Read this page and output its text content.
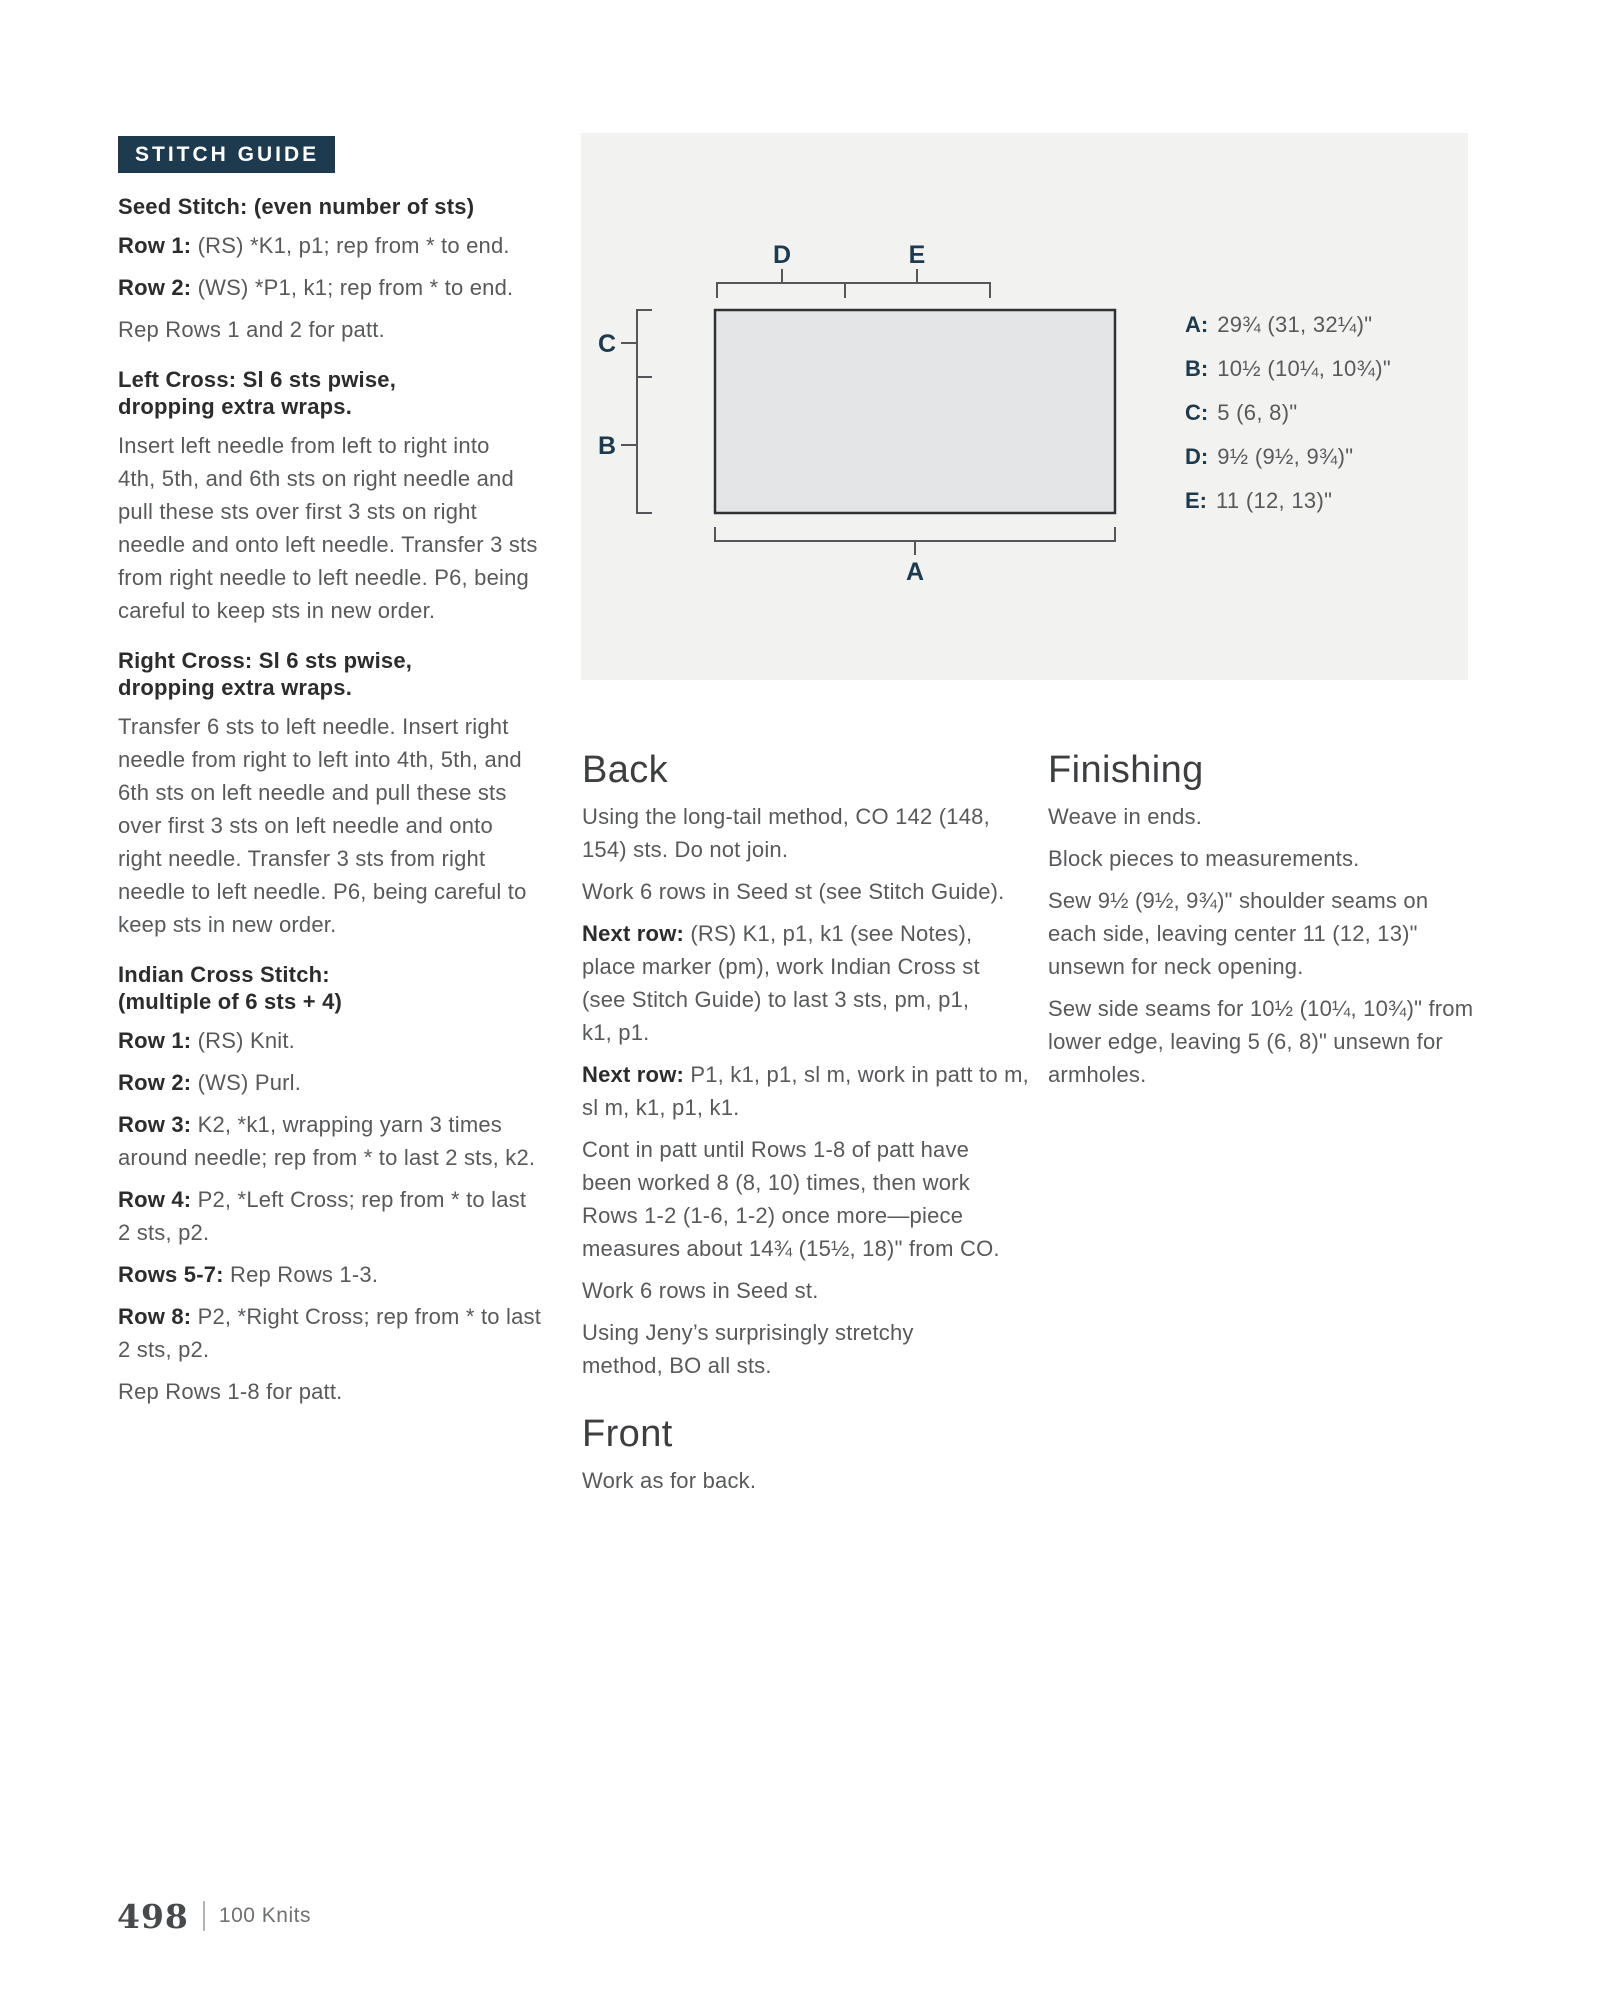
STITCH GUIDE
Seed Stitch: (even number of sts)

Row 1: (RS) *K1, p1; rep from * to end.

Row 2: (WS) *P1, k1; rep from * to end.

Rep Rows 1 and 2 for patt.

Left Cross: Sl 6 sts pwise,
dropping extra wraps.

Insert left needle from left to right into
4th, 5th, and 6th sts on right needle and
pull these sts over first 3 sts on right
needle and onto left needle. Transfer 3 sts
from right needle to left needle. P6, being
careful to keep sts in new order.

Right Cross: Sl 6 sts pwise,
dropping extra wraps.

Transfer 6 sts to left needle. Insert right
needle from right to left into 4th, 5th, and
6th sts on left needle and pull these sts
over first 3 sts on left needle and onto
right needle. Transfer 3 sts from right
needle to left needle. P6, being careful to
keep sts in new order.

Indian Cross Stitch:
(multiple of 6 sts + 4)

Row 1: (RS) Knit.

Row 2: (WS) Purl.

Row 3: K2, *k1, wrapping yarn 3 times
around needle; rep from * to last 2 sts, k2.

Row 4: P2, *Left Cross; rep from * to last
2 sts, p2.

Rows 5-7: Rep Rows 1-3.

Row 8: P2, *Right Cross; rep from * to last
2 sts, p2.

Rep Rows 1-8 for patt.

D	E
C
B
A
A: 29¾ (31, 32¼)"
B: 10½ (10¼, 10¾)"
C: 5 (6, 8)"
D: 9½ (9½, 9¾)"
E: 11 (12, 13)"
Back

Using the long-tail method, CO 142 (148,
154) sts. Do not join.

Work 6 rows in Seed st (see Stitch Guide).

Next row: (RS) K1, p1, k1 (see Notes),
place marker (pm), work Indian Cross st
(see Stitch Guide) to last 3 sts, pm, p1,
k1, p1.

Next row: P1, k1, p1, sl m, work in patt to m,
sl m, k1, p1, k1.

Cont in patt until Rows 1-8 of patt have
been worked 8 (8, 10) times, then work
Rows 1-2 (1-6, 1-2) once more—piece
measures about 14¾ (15½, 18)" from CO.

Work 6 rows in Seed st.

Using Jeny’s surprisingly stretchy
method, BO all sts.

Front

Work as for back.

Finishing

Weave in ends.

Block pieces to measurements.

Sew 9½ (9½, 9¾)" shoulder seams on
each side, leaving center 11 (12, 13)"
unsewn for neck opening.

Sew side seams for 10½ (10¼, 10¾)" from
lower edge, leaving 5 (6, 8)" unsewn for
armholes.

498 100 Knits
